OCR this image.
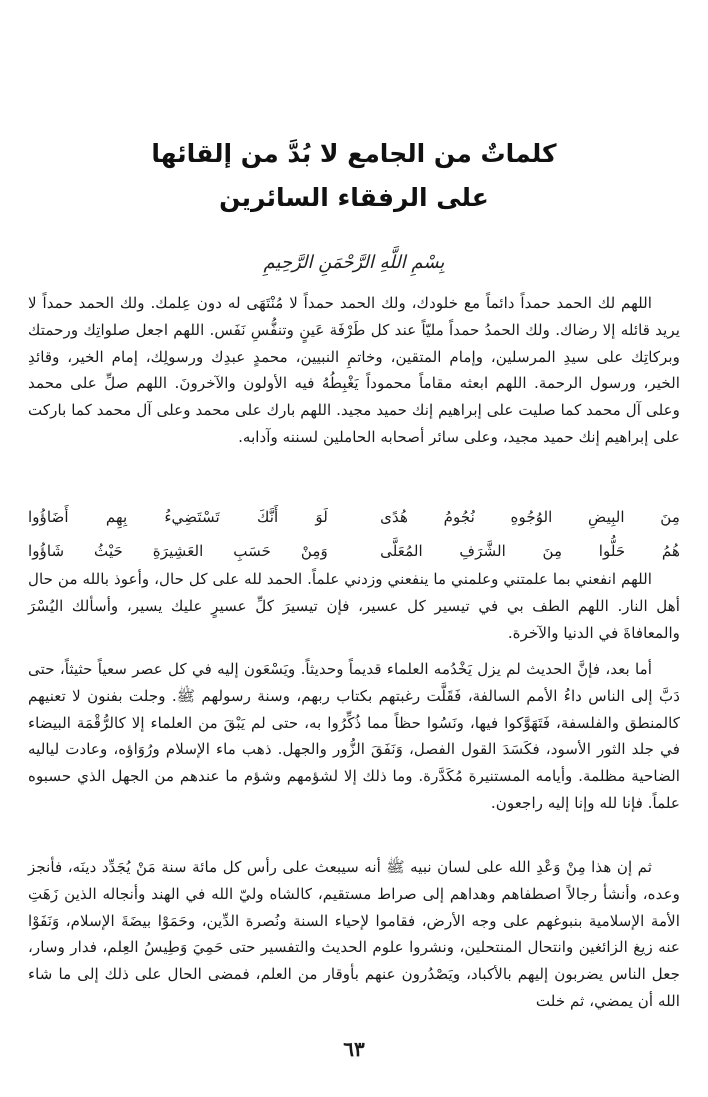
كلماتٌ من الجامع لا بُدَّ من إلقائها
على الرفقاء السائرين
بِسْمِ اللَّهِ الرَّحْمَنِ الرَّحِيمِ

اللهم لك الحمد حمداً دائماً مع خلودك، ولك الحمد حمداً لا مُنْتَهَى له دون عِلمك. ولك الحمد حمداً لا يريد قائله إلا رضاك. ولك الحمدُ حمداً مليّاً عند كل طَرْفَة عَينٍ وتنفُّسِ نَفَس. اللهم اجعل صلواتِك ورحمتك وبركاتِك على سيدِ المرسلين، وإمام المتقين، وخاتمِ النبيين، محمدٍ عبدِك ورسولِك، إمام الخير، وقائدِ الخير، ورسول الرحمة. اللهم ابعثه مقاماً محموداً يَغْبِطُهُ فيه الأولون والآخرونَ. اللهم صلِّ على محمد وعلى آل محمد كما صليت على إبراهيم إنك حميد مجيد. اللهم بارك على محمد وعلى آل محمد كما باركت على إبراهيم إنك حميد مجيد، وعلى سائر أصحابه الحاملين لسننه وآدابه.

مِنَ البِيضِ الوُجُوهِ نُجُومُ هُدًى
لَوَ أَنَّكَ تَسْتَضِيءُ بِهِم أَضَاؤُوا
هُمُ حَلُّوا مِنَ الشَّرَفِ المُعَلَّى
وَمِنْ حَسَبِ العَشِيرَةِ حَيْثُ شَاؤُوا

اللهم انفعني بما علمتني وعلمني ما ينفعني وزدني علماً. الحمد لله على كل حال، وأعوذ بالله من حال أهل النار. اللهم الطف بي في تيسير كل عسير، فإن تيسيرَ كلِّ عسيرٍ عليك يسير، وأسألك اليُسْرَ والمعافاةَ في الدنيا والآخرة.

أما بعد، فإنَّ الحديث لم يزل يَخْدُمه العلماء قديماً وحديثاً. ويَسْعَون إليه في كل عصر سعياً حثيثاً، حتى دَبَّ إلى الناس داءُ الأمم السالفة، فَقَلَّت رغبتهم بكتاب ربهم، وسنة رسولهم ﷺ. وجلت بفنون لا تعنيهم كالمنطق والفلسفة، فَتَهَوَّكوا فيها، ونَسُوا حظاً مما ذُكِّرُوا به، حتى لم يَبْقَ من العلماء إلا كالرُّقْمَة البيضاء في جلد الثور الأسود، فكَسَدَ القول الفصل، وَنَفَقَ الزُّور والجهل. ذهب ماء الإسلام ورُوَاؤه، وعادت لياليه الضاحية مظلمة. وأيامه المستنيرة مُكَدَّرة. وما ذلك إلا لشؤمهم وشؤم ما عندهم من الجهل الذي حسبوه علماً. فإنا لله وإنا إليه راجعون.

ثم إن هذا مِنْ وَعْدِ الله على لسان نبيه ﷺ أنه سيبعث على رأس كل مائة سنة مَنْ يُجَدِّد دينَه، فأنجز وعده، وأنشأ رجالاً اصطفاهم وهداهم إلى صراط مستقيم، كالشاه وليّ الله في الهند وأنجاله الذين زَهَتِ الأمة الإسلامية بنبوغهم على وجه الأرض، فقاموا لإحياء السنة ونُصرة الدِّين، وحَمَوْا بيضَةَ الإسلام، وَنَفَوْا عنه زيغ الزائغين وانتحال المنتحلين، ونشروا علوم الحديث والتفسير حتى حَمِيَ وَطِيسُ العِلم، فدار وسار، جعل الناس يضربون إليهم بالأكباد، ويَصْدُرون عنهم بأوقار من العلم، فمضى الحال على ذلك إلى ما شاء الله أن يمضي، ثم خلت

٦٣
